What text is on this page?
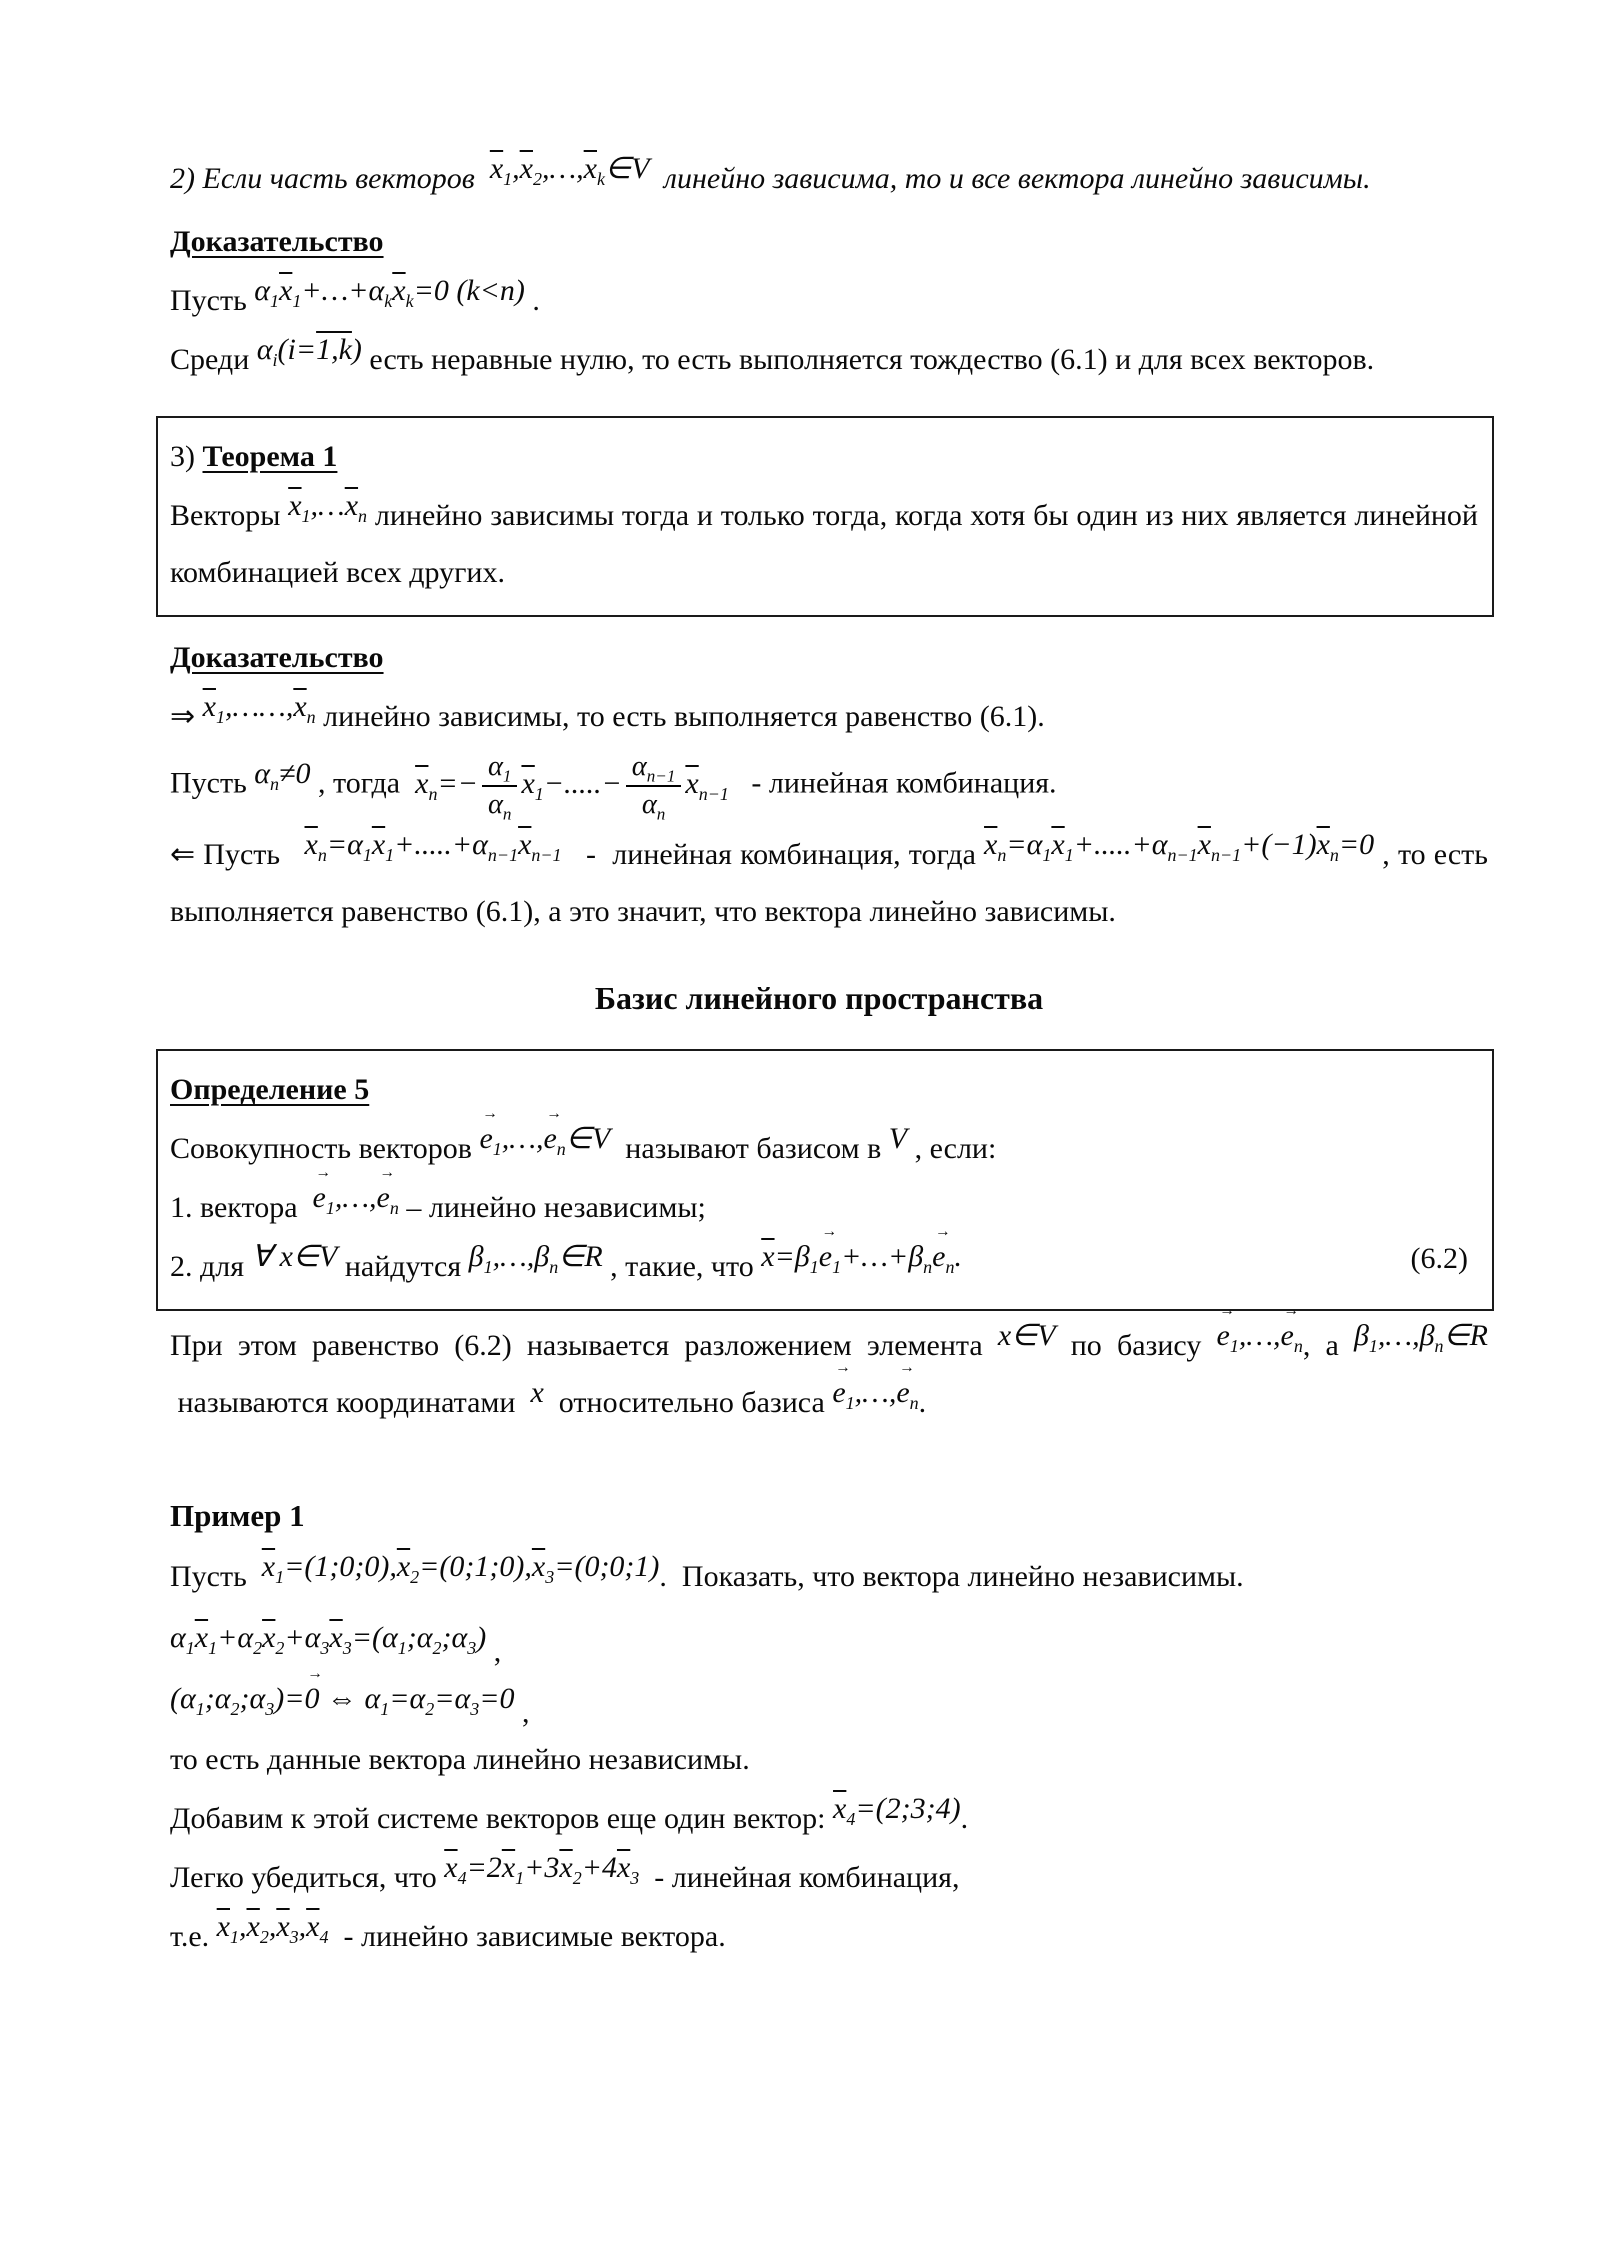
2) Если часть векторов  $\overline{x}_1,\overline{x}_2,\dots,\overline{x}_k\in V$  линейно зависима, то и все вектора линейно зависимы.

Доказательство

Пусть $\alpha_1\overline{x}_1+\dots+\alpha_k\overline{x}_k=0$ (k<n) .

Среди $\alpha_i(i=1,k)$ есть неравные нулю, то есть выполняется тождество (6.1) и для всех векторов.

3) Теорема 1

Векторы $\overline{x}_1,\dots\overline{x}_n$ линейно зависимы тогда и только тогда, когда хотя бы один из них является линейной комбинацией всех других.

Доказательство

⇒ $\overline{x}_1,\dots\dots,\overline{x}_n$ линейно зависимы, то есть выполняется равенство (6.1).

Пусть $\alpha_n\ne 0$ , тогда  $\overline{x}_n=- \frac{\alpha_1}{\alpha_n} \overline{x}_1-.....- \frac{\alpha_{n-1}}{\alpha_n} \overline{x}_{n-1}$   - линейная комбинация.

⇐ Пусть   $\overline{x}_n=\alpha_1\overline{x}_1+.....+\alpha_{n-1}\overline{x}_{n-1}$   -  линейная комбинация, тогда $\overline{x}_n=\alpha_1\overline{x}_1+.....+\alpha_{n-1}\overline{x}_{n-1}+(-1)\overline{x}_n=0$ , то есть выполняется равенство (6.1), а это значит, что вектора линейно зависимы.

Базис линейного пространства

Определение 5

Совокупность векторов $e \to_1,\dots,e$ $\to_n\in V$  называют базисом в V , если:

1. вектора  $e \to_1,\dots,e \to_n$ – линейно независимы;

2. для ∀ x∈V найдутся $\beta_1,\dots,\beta_n\in R$ , такие, что $\overline{x}=\beta_1e$ $\to_1+\dots+\beta_ne \to_n$.	(6.2)

При этом равенство (6.2) называется разложением элемента x∈V по базису $e \to_1,\dots,e \to_n$, а $\beta_1,\dots,\beta_n\in R$  называются координатами  x  относительно базиса $e \to_1,\dots,e \to_n$.

Пример 1

Пусть  $\overline{x}_1=(1;0;0),\overline{x}_2=(0;1;0),\overline{x}_3=(0;0;1)$.  Показать, что вектора линейно независимы.

$\alpha_1\overline{x}_1+\alpha_2\overline{x}_2+\alpha_3\overline{x}_3=(\alpha_1;\alpha_2;\alpha_3)$ ,

$(\alpha_1;\alpha_2;\alpha_3)=0$ → ⇔ $\alpha_1=\alpha_2=\alpha_3=0$ ,

то есть данные вектора линейно независимы.

Добавим к этой системе векторов еще один вектор: $\overline{x}_4=(2;3;4)$.

Легко убедиться, что $\overline{x}_4=2\overline{x}_1+3\overline{x}_2+4\overline{x}_3$  - линейная комбинация,

т.е. $\overline{x}_1,\overline{x}_2,\overline{x}_3,\overline{x}_4$  - линейно зависимые вектора.
